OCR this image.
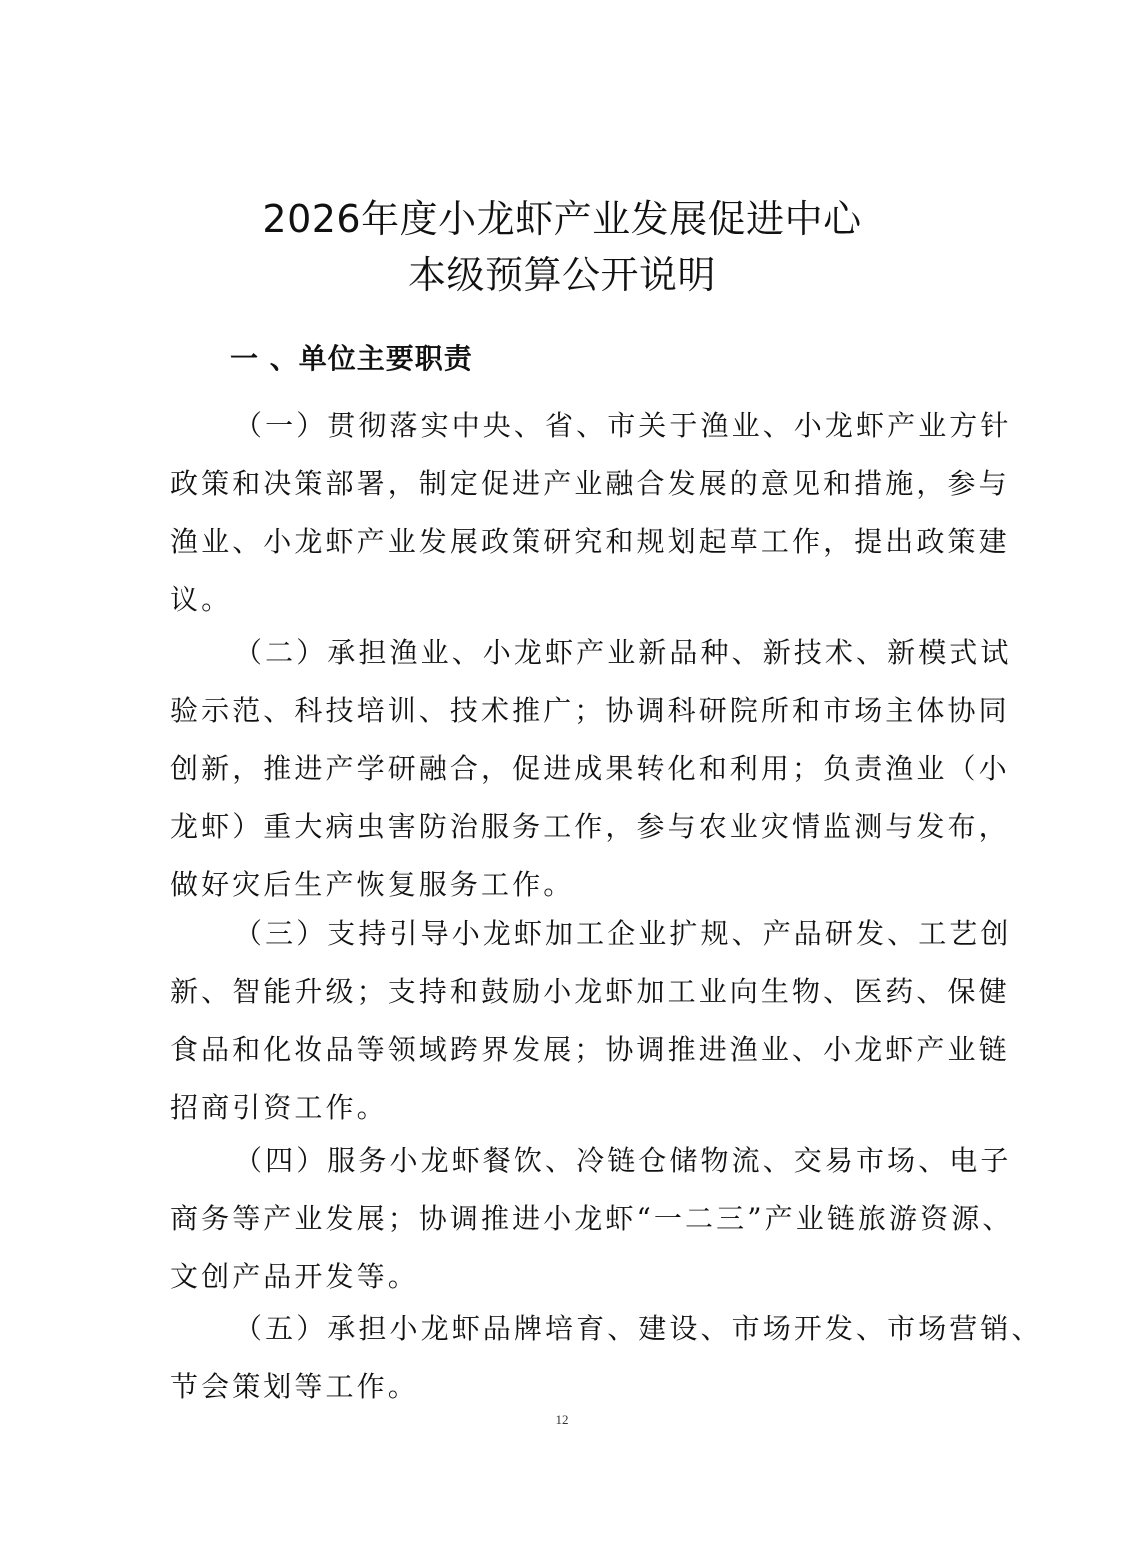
2026年度小龙虾产业发展促进中心
本级预算公开说明
一 、单位主要职责
（一）贯彻落实中央、省、市关于渔业、小龙虾产业方针
政策和决策部署，制定促进产业融合发展的意见和措施，参与
渔业、小龙虾产业发展政策研究和规划起草工作，提出政策建
议。
（二）承担渔业、小龙虾产业新品种、新技术、新模式试
验示范、科技培训、技术推广；协调科研院所和市场主体协同
创新，推进产学研融合，促进成果转化和利用；负责渔业（小
龙虾）重大病虫害防治服务工作，参与农业灾情监测与发布，
做好灾后生产恢复服务工作。
（三）支持引导小龙虾加工企业扩规、产品研发、工艺创
新、智能升级；支持和鼓励小龙虾加工业向生物、医药、保健
食品和化妆品等领域跨界发展；协调推进渔业、小龙虾产业链
招商引资工作。
（四）服务小龙虾餐饮、冷链仓储物流、交易市场、电子
商务等产业发展；协调推进小龙虾“一二三”产业链旅游资源、
文创产品开发等。
（五）承担小龙虾品牌培育、建设、市场开发、市场营销、
节会策划等工作。
12
